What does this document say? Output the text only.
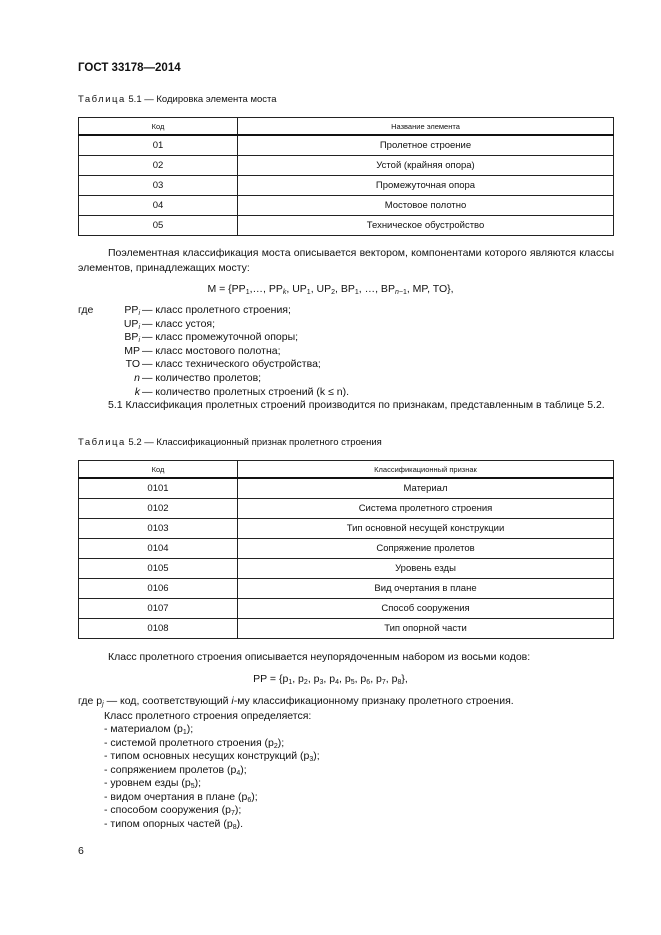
ГОСТ 33178—2014
Таблица 5.1 — Кодировка элемента моста
Код	Название элемента
01	Пролетное строение
02	Устой (крайняя опора)
03	Промежуточная опора
04	Мостовое полотно
05	Техническое обустройство
Поэлементная классификация моста описывается вектором, компонентами которого являются классы элементов, принадлежащих мосту:
$M = \{PP_1,\dots$, $PP_k$, $UP_1$, $UP_2$, $BP_1$, …, $BP_{n-1}$, MP, TO},
$PP_i$ — класс пролетного строения;
где
$UP_i$ — класс устоя;
$BP_i$ — класс промежуточной опоры;
MP — класс мостового полотна;
TO — класс технического обустройства;
n — количество пролетов;
k — количество пролетных строений (k ≤ n).
5.1 Классификация пролетных строений производится по признакам, представленным в таблице 5.2.
Таблица 5.2 — Классификационный признак пролетного строения
Код	Классификационный признак
0101	Материал
0102	Система пролетного строения
0103	Тип основной несущей конструкции
0104	Сопряжение пролетов
0105	Уровень езды
0106	Вид очертания в плане
0107	Способ сооружения
0108	Тип опорной части
Класс пролетного строения описывается неупорядоченным набором из восьми кодов:
PP = {$p_1$, $p_2$, $p_3$, $p_4$, $p_5$, $p_6$, $p_7$, $p_8$},
где $p_j$ — код, соответствующий i-му классификационному признаку пролетного строения.
Класс пролетного строения определяется:
- материалом $(p_1)$;
- системой пролетного строения $(p_2)$;
- типом основных несущих конструкций $(p_3)$;
- сопряжением пролетов $(p_4)$;
- уровнем езды $(p_5)$;
- видом очертания в плане $(p_6)$;
- способом сооружения $(p_7)$;
- типом опорных частей $(p_8)$.
6
